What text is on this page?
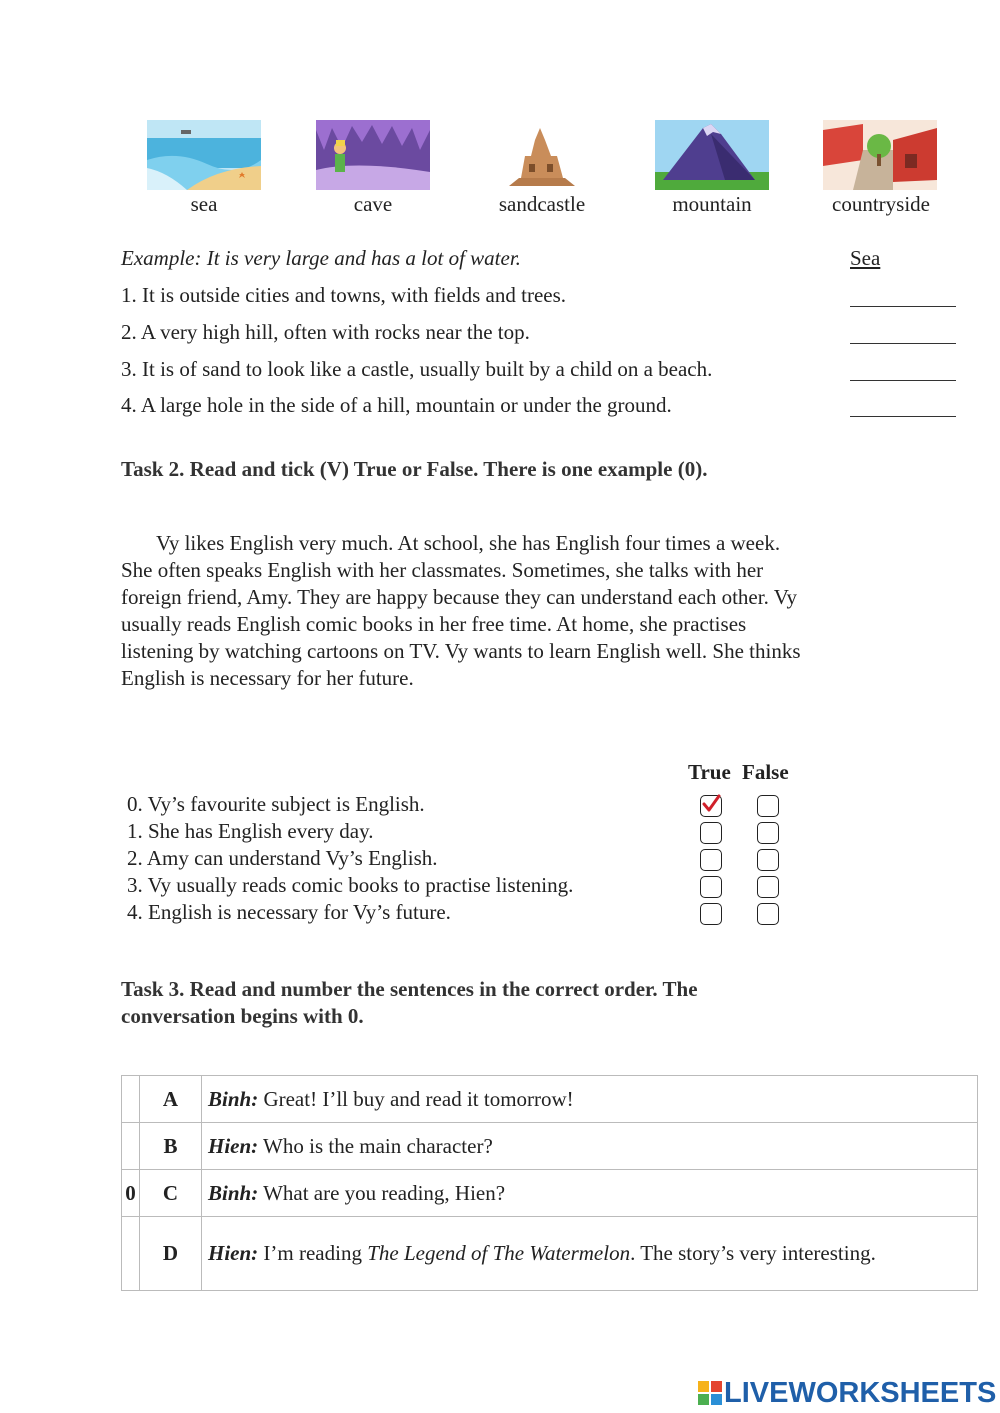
sea	cave	sandcastle	mountain	countryside
Example: It is very large and has a lot of water.	Sea
1. It is outside cities and towns, with fields and trees.
2. A very high hill, often with rocks near the top.
3. It is of sand to look like a castle, usually built by a child on a beach.
4. A large hole in the side of a hill, mountain or under the ground.
Task 2. Read and tick (V) True or False. There is one example (0).

Vy likes English very much. At school, she has English four times a week. She often speaks English with her classmates. Sometimes, she talks with her foreign friend, Amy. They are happy because they can understand each other. Vy usually reads English comic books in her free time. At home, she practises listening by watching cartoons on TV. Vy wants to learn English well. She thinks English is necessary for her future.

True False
0. Vy’s favourite subject is English.
1. She has English every day.
2. Amy can understand Vy’s English.
3. Vy usually reads comic books to practise listening.
4. English is necessary for Vy’s future.
Task 3. Read and number the sentences in the correct order. The conversation begins with 0.
	A	Binh: Great! I’ll buy and read it tomorrow!
	B	Hien: Who is the main character?
0	C	Binh: What are you reading, Hien?
	D	Hien: I’m reading The Legend of The Watermelon. The story’s very interesting.
LIVEWORKSHEETS
